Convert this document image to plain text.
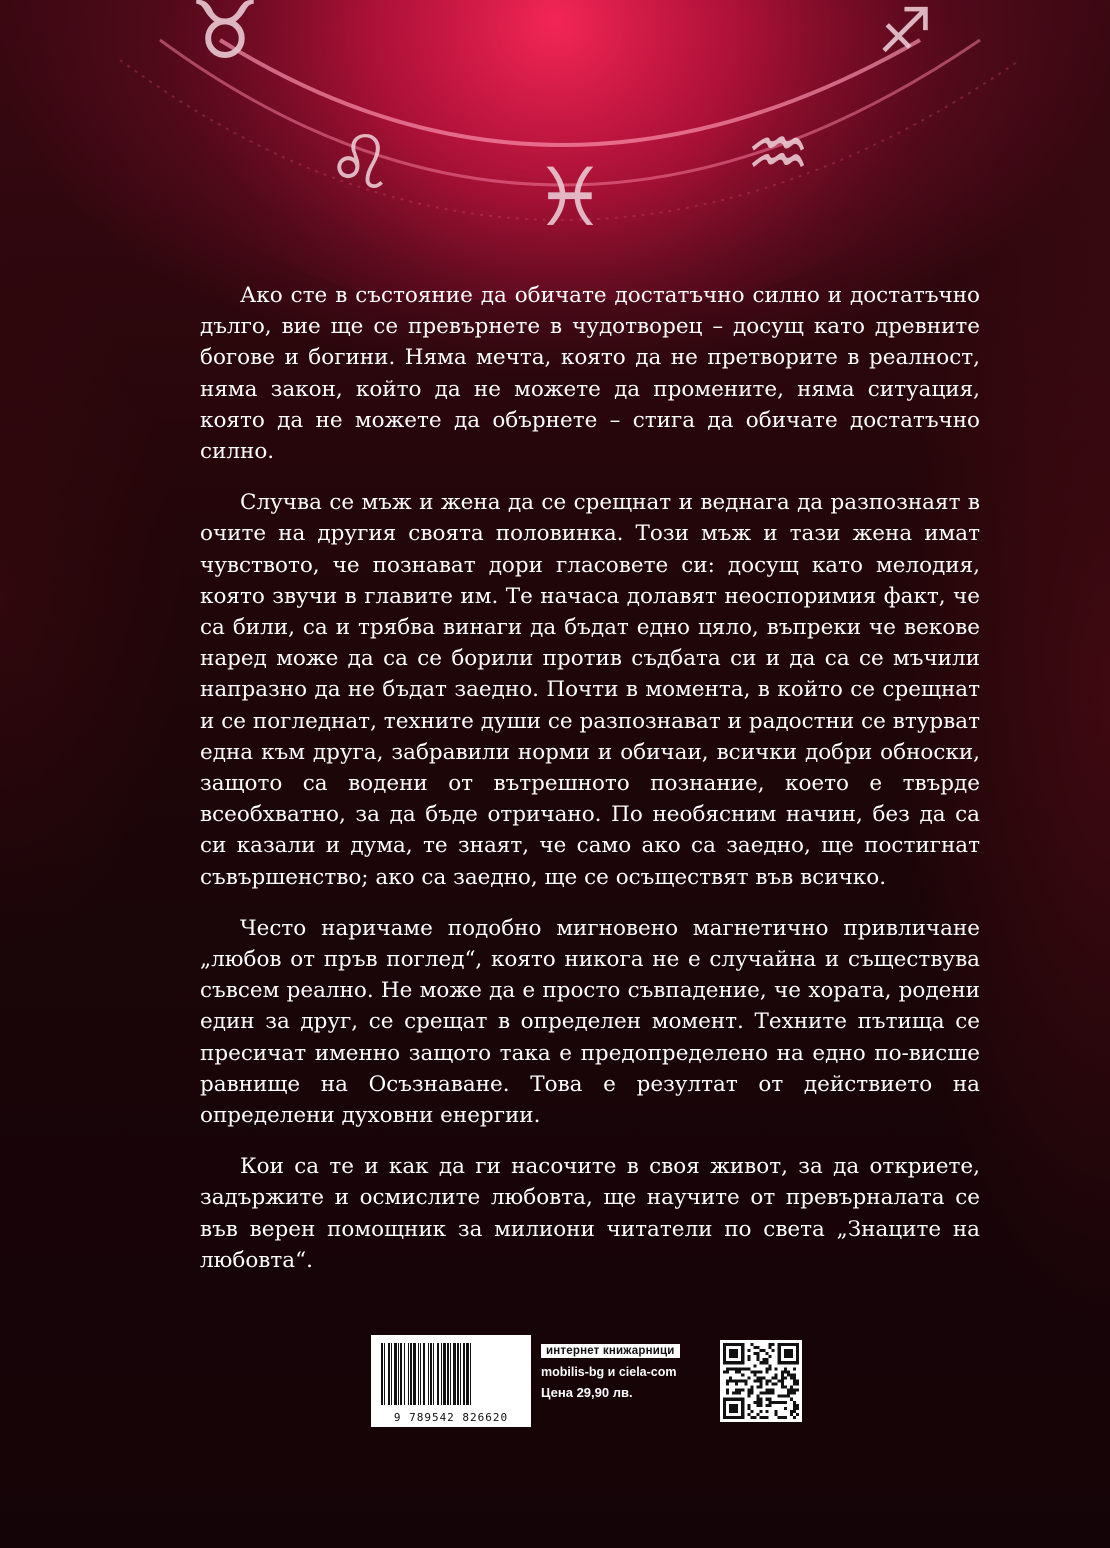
♉	♐
♌ ♓ ♒

Ако сте в състояние да обичате достатъчно силно и достатъчно дълго, вие ще се превърнете в чудотворец – досущ като древните богове и богини. Няма мечта, която да не претворите в реалност, няма закон, който да не можете да промените, няма ситуация, която да не можете да обърнете – стига да обичате достатъчно силно.

Случва се мъж и жена да се срещнат и веднага да разпознаят в очите на другия своята половинка. Този мъж и тази жена имат чувството, че познават дори гласовете си: досущ като мелодия, която звучи в главите им. Те начаса долавят неоспоримия факт, че са били, са и трябва винаги да бъдат едно цяло, въпреки че векове наред може да са се борили против съдбата си и да са се мъчили напразно да не бъдат заедно. Почти в момента, в който се срещнат и се погледнат, техните души се разпознават и радостни се втурват една към друга, забравили норми и обичаи, всички добри обноски, защото са водени от вътрешното познание, което е твърде всеобхватно, за да бъде отричано. По необясним начин, без да са си казали и дума, те знаят, че само ако са заедно, ще постигнат съвършенство; ако са заедно, ще се осъществят във всичко.

Често наричаме подобно мигновено магнетично привличане „любов от пръв поглед“, която никога не е случайна и съществува съвсем реално. Не може да е просто съвпадение, че хората, родени един за друг, се срещат в определен момент. Техните пътища се пресичат именно защото така е предопределено на едно по-висше равнище на Осъзнаване. Това е резултат от действието на определени духовни енергии.

Кои са те и как да ги насочите в своя живот, за да откриете, задържите и осмислите любовта, ще научите от превърналата се във верен помощник за милиони читатели по света „Знаците на любовта“.

9 789542 826620
интернет книжарници
mobilis-bg и ciela-com
Цена 29,90 лв.
